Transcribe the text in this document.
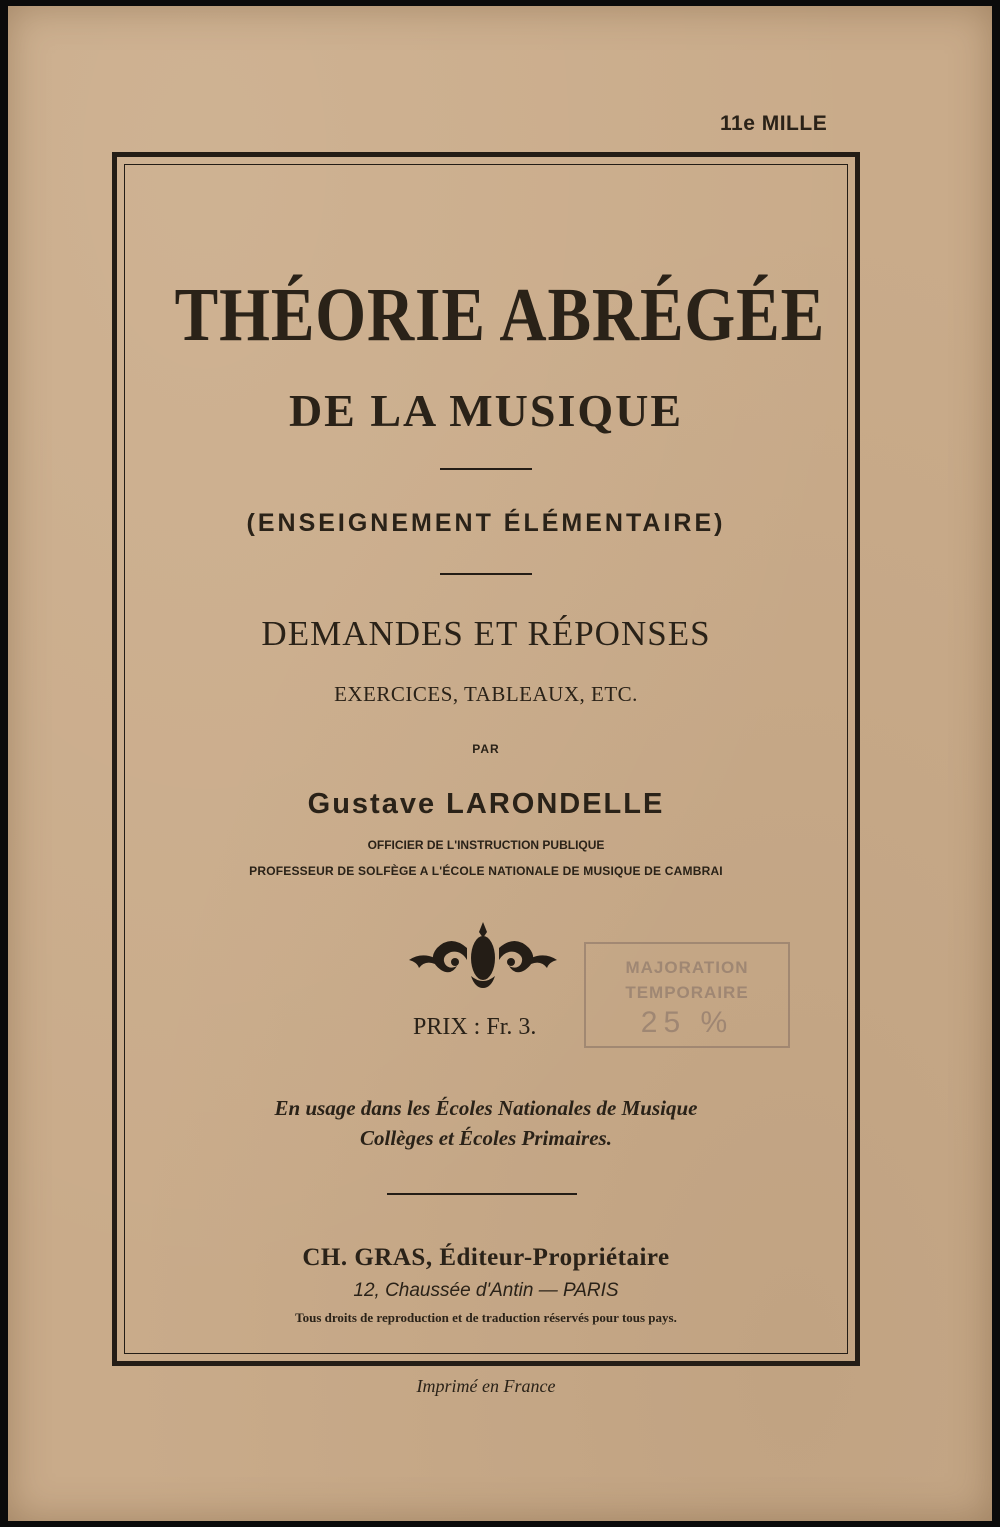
11e MILLE
THÉORIE ABRÉGÉE
DE LA MUSIQUE

(ENSEIGNEMENT ÉLÉMENTAIRE)

DEMANDES ET RÉPONSES

EXERCICES, TABLEAUX, ETC.

PAR

Gustave LARONDELLE

OFFICIER DE L'INSTRUCTION PUBLIQUE

PROFESSEUR DE SOLFÈGE A L'ÉCOLE NATIONALE DE MUSIQUE DE CAMBRAI

MAJORATION
TEMPORAIRE
25 %

PRIX : Fr. 3.

En usage dans les Écoles Nationales de Musique

Collèges et Écoles Primaires.

CH. GRAS, Éditeur-Propriétaire

12, Chaussée d'Antin — PARIS

Tous droits de reproduction et de traduction réservés pour tous pays.

Imprimé en France
